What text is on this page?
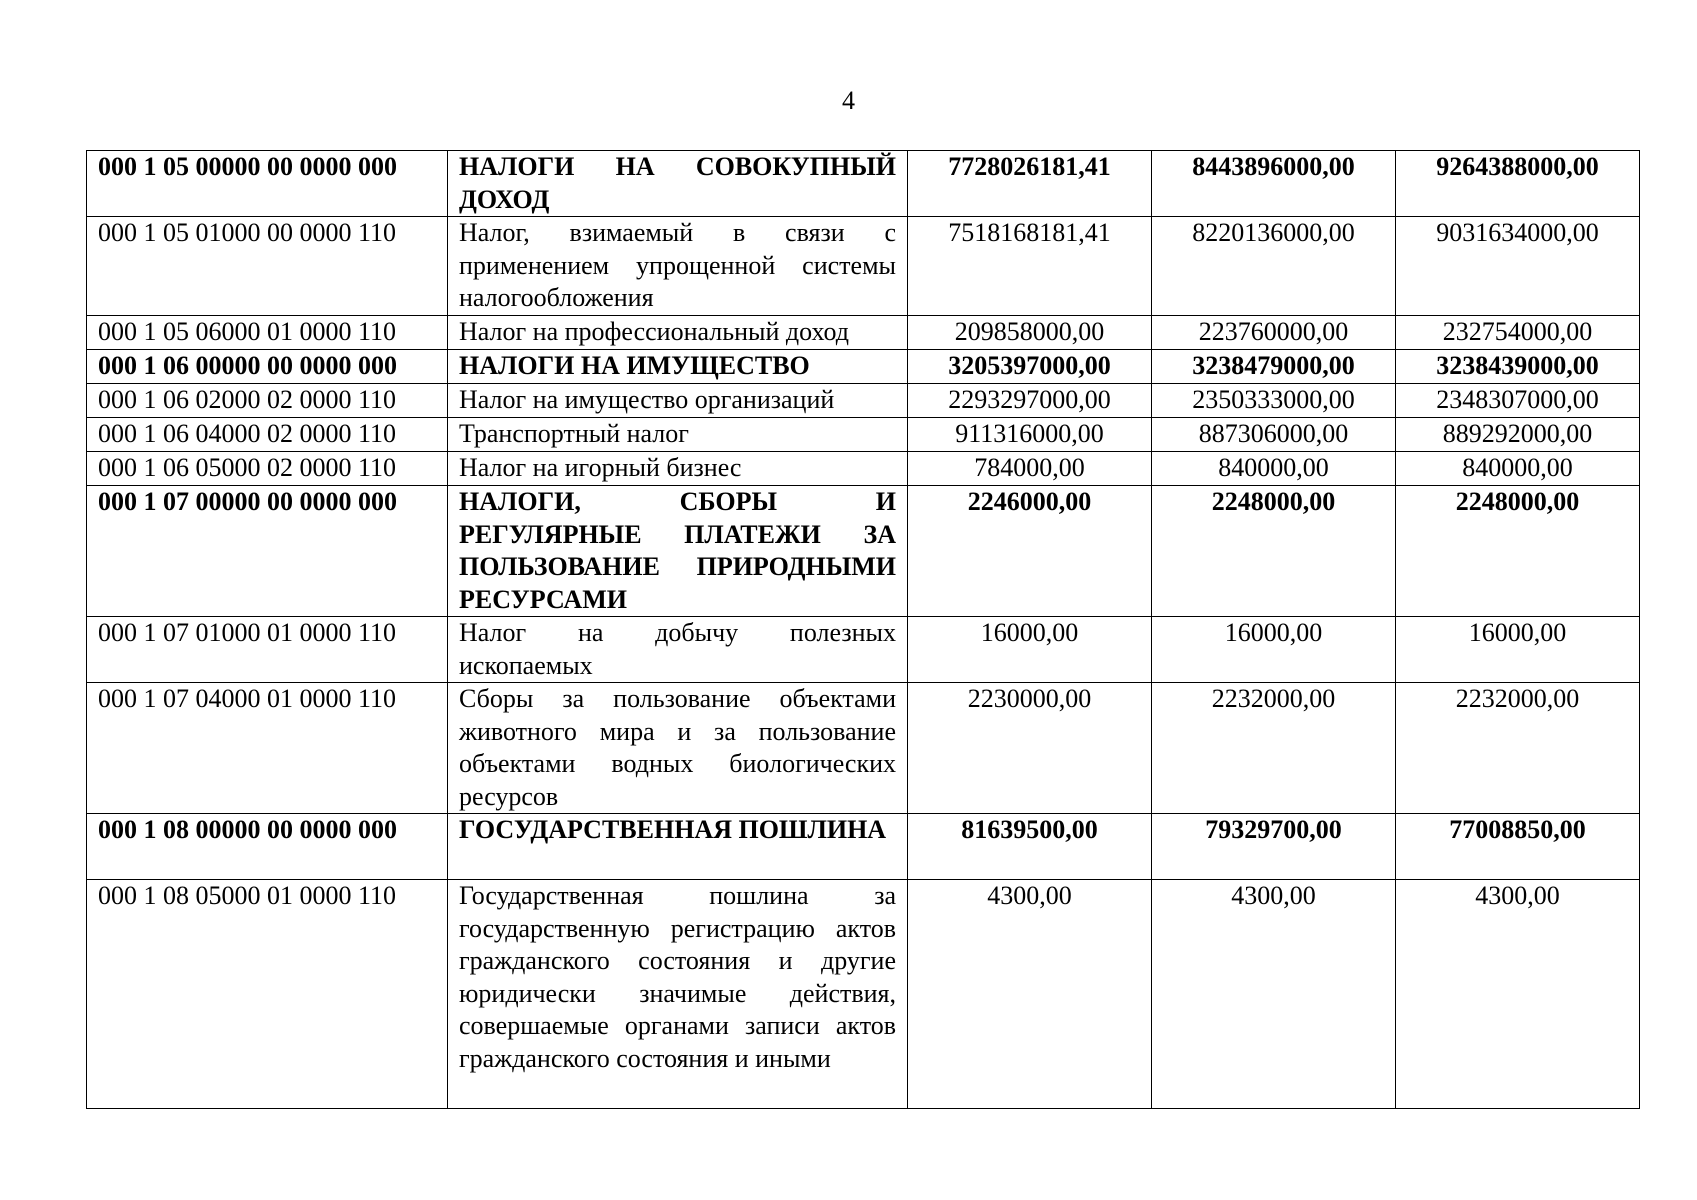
4
000 1 05 00000 00 0000 000	НАЛОГИ НА СОВОКУПНЫЙ ДОХОД	7728026181,41	8443896000,00	9264388000,00
000 1 05 01000 00 0000 110	Налог, взимаемый в связи с применением упрощенной системы налогообложения	7518168181,41	8220136000,00	9031634000,00
000 1 05 06000 01 0000 110	Налог на профессиональный доход	209858000,00	223760000,00	232754000,00
000 1 06 00000 00 0000 000	НАЛОГИ НА ИМУЩЕСТВО	3205397000,00	3238479000,00	3238439000,00
000 1 06 02000 02 0000 110	Налог на имущество организаций	2293297000,00	2350333000,00	2348307000,00
000 1 06 04000 02 0000 110	Транспортный налог	911316000,00	887306000,00	889292000,00
000 1 06 05000 02 0000 110	Налог на игорный бизнес	784000,00	840000,00	840000,00
000 1 07 00000 00 0000 000	НАЛОГИ, СБОРЫ И РЕГУЛЯРНЫЕ ПЛАТЕЖИ ЗА ПОЛЬЗОВАНИЕ ПРИРОДНЫМИ РЕСУРСАМИ	2246000,00	2248000,00	2248000,00
000 1 07 01000 01 0000 110	Налог на добычу полезных ископаемых	16000,00	16000,00	16000,00
000 1 07 04000 01 0000 110	Сборы за пользование объектами животного мира и за пользование объектами водных биологических ресурсов	2230000,00	2232000,00	2232000,00
000 1 08 00000 00 0000 000	ГОСУДАРСТВЕННАЯ ПОШЛИНА	81639500,00	79329700,00	77008850,00
000 1 08 05000 01 0000 110	Государственная пошлина за государственную регистрацию актов гражданского состояния и другие юридически значимые действия, совершаемые органами записи актов гражданского состояния и иными	4300,00	4300,00	4300,00
